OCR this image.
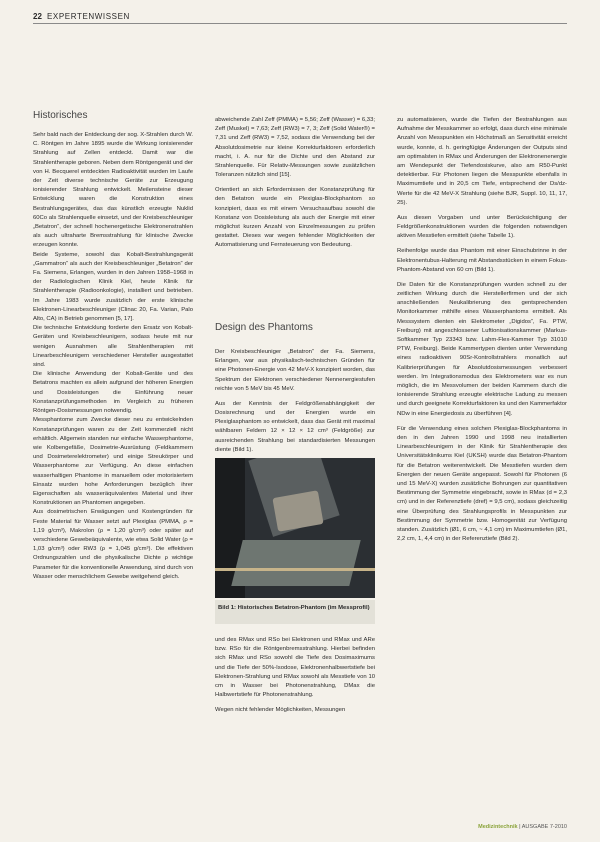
22 EXPERTENWISSEN
Historisches

Sehr bald nach der Entdeckung der sog. X-Strahlen durch W. C. Röntgen im Jahre 1895 wurde die Wirkung ionisierender Strahlung auf Zellen entdeckt. Damit war die Strahlentherapie geboren. Neben dem Röntgengerät und der von H. Becquerel entdeckten Radioaktivität wurden im Laufe der Zeit diverse technische Geräte zur Erzeugung ionisierender Strahlung entwickelt. Meilensteine dieser Entwicklung waren die Konstruktion eines Bestrahlungsgerätes, das das künstlich erzeugte Nuklid 60Co als Strahlenquelle einsetzt, und der Kreisbeschleuniger „Betatron“, der schnell hochenergetische Elektronenstrahlen als auch ultraharte Bremsstrahlung für klinische Zwecke erzeugen konnte.

Beide Systeme, sowohl das Kobalt-Bestrahlungsgerät „Gammatron“ als auch der Kreisbeschleuniger „Betatron“ der Fa. Siemens, Erlangen, wurden in den Jahren 1958–1968 in der Radiologischen Klinik Kiel, heute Klinik für Strahlentherapie (Radioonkologie), installiert und betrieben. Im Jahre 1983 wurde zusätzlich der erste klinische Elektronen-Linearbeschleuniger (Clinac 20, Fa. Varian, Palo Alto, CA) in Betrieb genommen [5, 17].

Die technische Entwicklung forderte den Ersatz von Kobalt-Geräten und Kreisbeschleunigern, sodass heute mit nur wenigen Ausnahmen alle Strahlentherapien mit Linearbeschleunigern verschiedener Hersteller ausgestattet sind.

Die klinische Anwendung der Kobalt-Geräte und des Betatrons machten es allein aufgrund der höheren Energien und Dosisleistungen die Einführung neuer Konstanzprüfungsmethoden im Vergleich zu früheren Röntgen-Dosismessungen notwendig.

Messphantome zum Zwecke dieser neu zu entwickelnden Konstanzprüfungen waren zu der Zeit kommerziell nicht erhältlich. Allgemein standen nur einfache Wasserphantome, wie Kolbengefäße, Dosimetrie-Ausrüstung (Feldkammern und Dosimeterelektrometer) und einige Streukörper und Wasserphantome zur Verfügung. An diese einfachen wasserhaltigen Phantome in manuellem oder motorisiertem Einsatz wurden hohe Anforderungen bezüglich ihrer Eigenschaften als wasseräquivalentes Material und ihrer Konstruktionen an Phantomen angegeben.

Aus dosimetrischen Erwägungen und Kostengründen für Feste Material für Wasser setzt auf Plexiglas (PMMA, ρ = 1,19 g/cm³), Makrolon (ρ = 1,20 g/cm³) oder später auf verschiedene Gewebeäquivalente, wie etwa Solid Water (ρ = 1,03 g/cm³) oder RW3 (ρ = 1,045 g/cm³). Die effektiven Ordnungszahlen und die physikalische Dichte ρ wichtige Parameter für die konventionelle Anwendung, sind durch von Wasser oder menschlichem Gewebe weitgehend gleich.

abweichende Zahl Zeff (PMMA) = 5,56; Zeff (Wasser) = 6,33; Zeff (Muskel) = 7,63; Zeff (RW3) = 7, 3; Zeff (Solid Water®) = 7,31 und Zeff (RW3) = 7,52, sodass die Verwendung bei der Absolutdosimetrie nur kleine Korrekturfaktoren erforderlich macht, i. A. nur für die Dichte und den Abstand zur Strahlenquelle. Für Relativ-Messungen sowie zusätzlichen Toleranzen nützlich sind [15].

Orientiert an sich Erfordernissen der Konstanzprüfung für den Betatron wurde ein Plexiglas-Blockphantom so konzipiert, dass es mit einem Versuchsaufbau sowohl die Konstanz von Dosisleistung als auch der Energie mit einer möglichst kurzen Anzahl von Einzelmessungen zu prüfen gestattet. Dieses war wegen fehlender Möglichkeiten der Automatisierung und Fernsteuerung von Bedeutung.

Design des Phantoms

Der Kreisbeschleuniger „Betatron“ der Fa. Siemens, Erlangen, war aus physikalisch-technischen Gründen für eine Photonen-Energie von 42 MeV-X konzipiert worden, das Spektrum der Elektronen verschiedener Nennenergiestufen reichte von 5 MeV bis 45 MeV.

Aus der Kenntnis der Feldgrößenabhängigkeit der Dosisrechnung und der Energien wurde ein Plexiglasphantom so entwickelt, dass das Gerät mit maximal wählbaren Feldern 12 × 12 × 12 cm³ (Feldgröße) zur ausreichenden Strahlung bei standardisierten Messungen diente (Bild 1).

Bild 1: Historisches Betatron-Phantom (im Messprofil)

und des RMax und RSo bei Elektronen und RMax und ARe bzw. RSo für die Röntgenbremsstrahlung. Hierbei befinden sich RMax und RSo sowohl die Tiefe des Dosimaximums und die Tiefe der 50%-Isodose, Elektronenhalbwertstiefe bei Elektronen-Strahlung und RMax sowohl als Messtiefe von 10 cm in Wasser bei Photonenstrahlung, DMax die Halbwertstiefe für Photonenstrahlung.

Wegen nicht fehlender Möglichkeiten, Messungen

zu automatisieren, wurde die Tiefen der Bestrahlungen aus Aufnahme der Messkammer so erfolgt, dass durch eine minimale Anzahl von Messpunkten ein Höchstmaß an Sensitivität erreicht wurde, konnte, d. h. geringfügige Änderungen der Outputs sind am optimalsten in RMax und Änderungen der Elektronenenergie am Wendepunkt der Tiefendosiskurve, also am R50-Punkt detektierbar. Für Photonen liegen die Messpunkte ebenfalls in Maximumtiefe und in 20,5 cm Tiefe, entsprechend der Ds/dz-Werte für die 42 MeV-X Strahlung (siehe BJR, Suppl. 10, 11, 17, 25).

Aus diesen Vorgaben und unter Berücksichtigung der Feldgrößenkonstruktionen wurden die folgenden notwendigen aktiven Messtiefen ermittelt (siehe Tabelle 1).

Reihenfolge wurde das Phantom mit einer Einschubrinne in der Elektronentubus-Halterung mit Abstandsstücken in einem Fokus-Phantom-Abstand von 60 cm (Bild 1).

Die Daten für die Konstanzprüfungen wurden schnell zu der zeitlichen Wirkung durch die Herstellerfirmen und der sich anschließenden Neukalibrierung des gentsprechenden Monitorkammer mithilfe eines Wasserphantoms ermittelt. Als Messsystem dienten ein Elektrometer „Digidos“, Fa. PTW, Freiburg) mit angeschlossener Luftionisationskammer (Markus-Softkammer Typ 23343 bzw. Lahm-Flex-Kammer Typ 31010 PTW, Freiburg). Beide Kammertypen dienten unter Verwendung eines radioaktiven 90Sr-Kontrollstrahlers monatlich auf Kalibrierprüfungen für Absolutdosismessungen verbessert werden. Im Integrationsmodus des Elektrometers war es nun möglich, die im Messvolumen der beiden Kammern durch die ionisierende Strahlung erzeugte elektrische Ladung zu messen und durch geeignete Korrekturfaktoren ks und den Kammerfaktor NDw in eine Energiedosis zu überführen [4].

Für die Verwendung eines solchen Plexiglas-Blockphantoms in den in den Jahren 1990 und 1998 neu installierten Linearbeschleunigern in der Klinik für Strahlentherapie des Universitätsklinikums Kiel (UKSH) wurde das Betatron-Phantom für die Betatron weiterentwickelt. Die Messtiefen wurden dem Energien der neuen Geräte angepasst. Sowohl für Photonen (6 und 15 MeV-X) wurden zusätzliche Bohrungen zur quantitativen Bestimmung der Symmetrie eingebracht, sowie in RMax (d = 2,3 cm) und in der Referenztiefe (dref) = 9,5 cm), sodass gleichzeitig eine Überprüfung des Strahlungsprofils in Messpunkten zur Bestimmung der Symmetrie bzw. Homogenität zur Verfügung standen. Zusätzlich (Ø1, 6 cm, ~ 4,1 cm) im Maximumtiefen (Ø1, 2,2 cm, 1, 4,4 cm) in der Referenztiefe (Bild 2).

Medizintechnik | AUSGABE 7-2010
